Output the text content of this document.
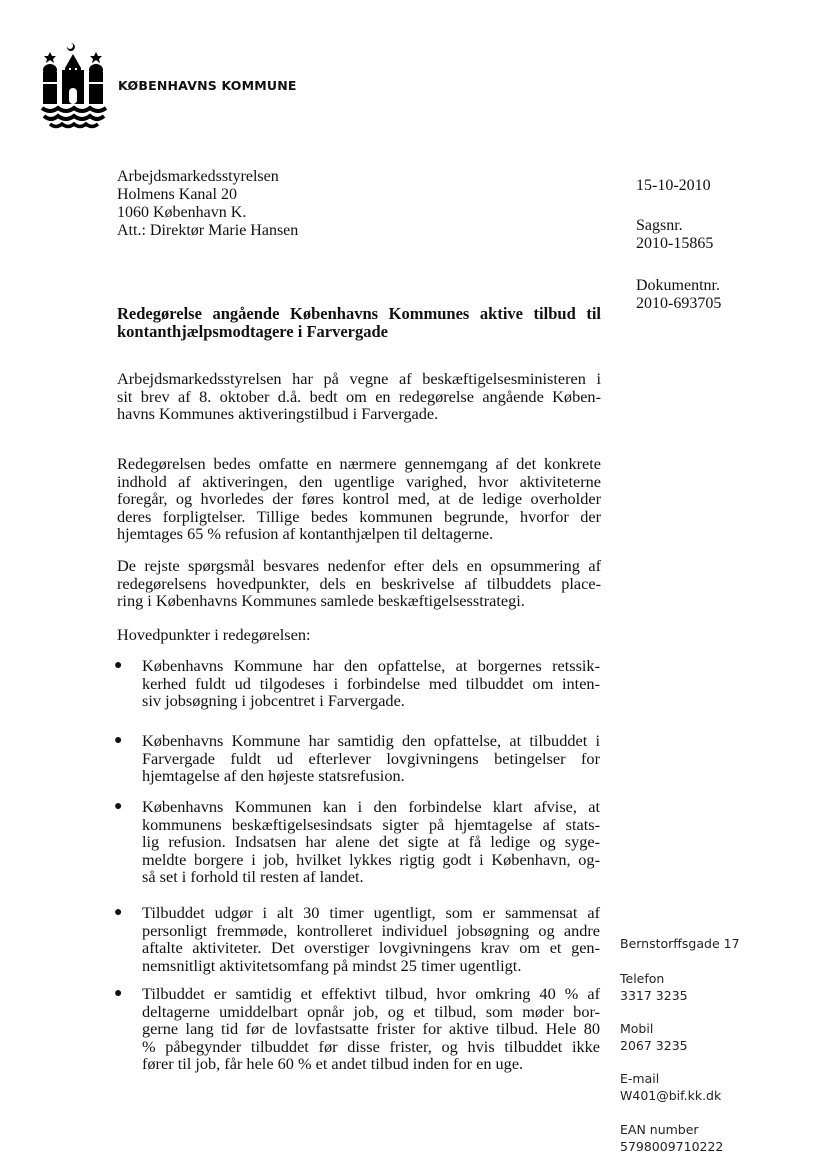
KØBENHAVNS KOMMUNE
Arbejdsmarkedsstyrelsen
Holmens Kanal 20
1060 København K.
Att.: Direktør Marie Hansen
15-10-2010
Sagsnr.
2010-15865
Dokumentnr.
2010-693705
Redegørelse angående Københavns Kommunes aktive tilbud til
kontanthjælpsmodtagere i Farvergade
Arbejdsmarkedsstyrelsen har på vegne af beskæftigelsesministeren i
sit brev af 8. oktober d.å. bedt om en redegørelse angående Køben-
havns Kommunes aktiveringstilbud i Farvergade.
Redegørelsen bedes omfatte en nærmere gennemgang af det konkrete
indhold af aktiveringen, den ugentlige varighed, hvor aktiviteterne
foregår, og hvorledes der føres kontrol med, at de ledige overholder
deres forpligtelser. Tillige bedes kommunen begrunde, hvorfor der
hjemtages 65 % refusion af kontanthjælpen til deltagerne.
De rejste spørgsmål besvares nedenfor efter dels en opsummering af
redegørelsens hovedpunkter, dels en beskrivelse af tilbuddets place-
ring i Københavns Kommunes samlede beskæftigelsesstrategi.
Hovedpunkter i redegørelsen:
● Københavns Kommune har den opfattelse, at borgernes retssik-
kerhed fuldt ud tilgodeses i forbindelse med tilbuddet om inten-
siv jobsøgning i jobcentret i Farvergade.
● Københavns Kommune har samtidig den opfattelse, at tilbuddet i
Farvergade fuldt ud efterlever lovgivningens betingelser for
hjemtagelse af den højeste statsrefusion.
● Københavns Kommunen kan i den forbindelse klart afvise, at
kommunens beskæftigelsesindsats sigter på hjemtagelse af stats-
lig refusion. Indsatsen har alene det sigte at få ledige og syge-
meldte borgere i job, hvilket lykkes rigtig godt i København, og-
så set i forhold til resten af landet.
● Tilbuddet udgør i alt 30 timer ugentligt, som er sammensat af
personligt fremmøde, kontrolleret individuel jobsøgning og andre
aftalte aktiviteter. Det overstiger lovgivningens krav om et gen-
nemsnitligt aktivitetsomfang på mindst 25 timer ugentligt.
● Tilbuddet er samtidig et effektivt tilbud, hvor omkring 40 % af
deltagerne umiddelbart opnår job, og et tilbud, som møder bor-
gerne lang tid før de lovfastsatte frister for aktive tilbud. Hele 80
% påbegynder tilbuddet før disse frister, og hvis tilbuddet ikke
fører til job, får hele 60 % et andet tilbud inden for en uge.
Bernstorffsgade 17
Telefon
3317 3235
Mobil
2067 3235
E-mail
W401@bif.kk.dk
EAN number
5798009710222
